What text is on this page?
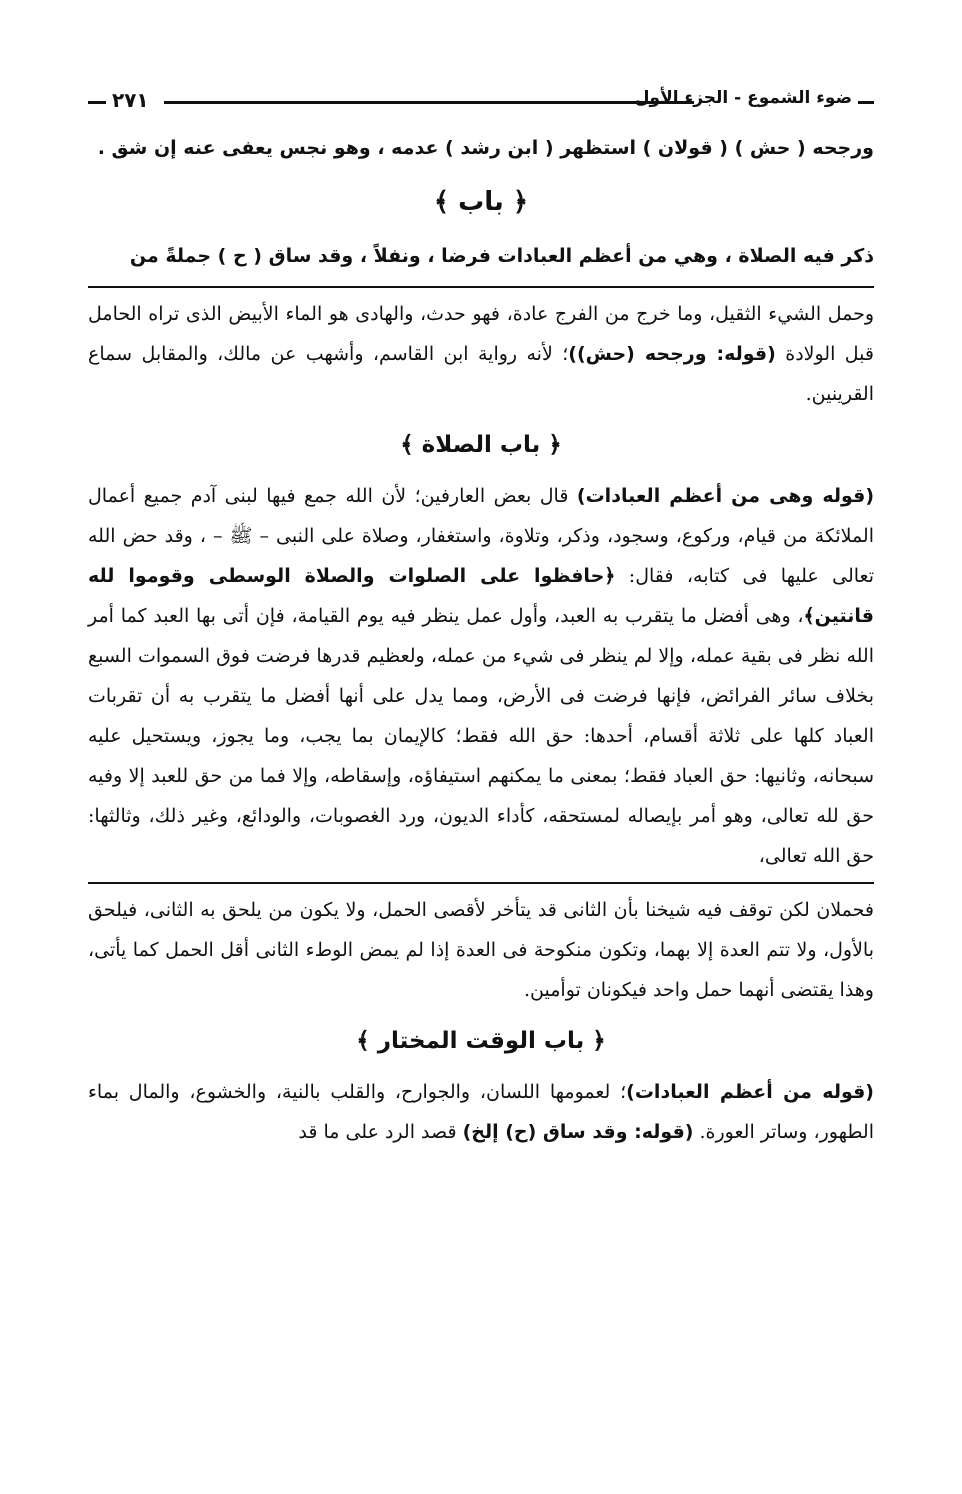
٢٧١	ضوء الشموع - الجزء الأول

ورجحه ( حش ) ( قولان ) استظهر ( ابن رشد ) عدمه ، وهو نجس يعفى عنه إن شق .

﴿ باب ﴾

ذكر فيه الصلاة ، وهي من أعظم العبادات فرضا ، ونفلاً ، وقد ساق ( ح ) جملةً من

وحمل الشيء الثقيل، وما خرج من الفرج عادة، فهو حدث، والهادى هو الماء الأبيض الذى تراه الحامل قبل الولادة (قوله: ورجحه (حش))؛ لأنه رواية ابن القاسم، وأشهب عن مالك، والمقابل سماع القرينين.

﴿ باب الصلاة ﴾

(قوله وهى من أعظم العبادات) قال بعض العارفين؛ لأن الله جمع فيها لبنى آدم جميع أعمال الملائكة من قيام، وركوع، وسجود، وذكر، وتلاوة، واستغفار، وصلاة على النبى – ﷺ – ، وقد حض الله تعالى عليها فى كتابه، فقال: ﴿حافظوا على الصلوات والصلاة الوسطى وقوموا لله قانتين﴾، وهى أفضل ما يتقرب به العبد، وأول عمل ينظر فيه يوم القيامة، فإن أتى بها العبد كما أمر الله نظر فى بقية عمله، وإلا لم ينظر فى شيء من عمله، ولعظيم قدرها فرضت فوق السموات السبع بخلاف سائر الفرائض، فإنها فرضت فى الأرض، ومما يدل على أنها أفضل ما يتقرب به أن تقربات العباد كلها على ثلاثة أقسام، أحدها: حق الله فقط؛ كالإيمان بما يجب، وما يجوز، ويستحيل عليه سبحانه، وثانيها: حق العباد فقط؛ بمعنى ما يمكنهم استيفاؤه، وإسقاطه، وإلا فما من حق للعبد إلا وفيه حق لله تعالى، وهو أمر بإيصاله لمستحقه، كأداء الديون، ورد الغصوبات، والودائع، وغير ذلك، وثالثها: حق الله تعالى،

فحملان لكن توقف فيه شيخنا بأن الثانى قد يتأخر لأقصى الحمل، ولا يكون من يلحق به الثانى، فيلحق بالأول، ولا تتم العدة إلا بهما، وتكون منكوحة فى العدة إذا لم يمض الوطء الثانى أقل الحمل كما يأتى، وهذا يقتضى أنهما حمل واحد فيكونان توأمين.

﴿ باب الوقت المختار ﴾

(قوله من أعظم العبادات)؛ لعمومها اللسان، والجوارح، والقلب بالنية، والخشوع، والمال بماء الطهور، وساتر العورة. (قوله: وقد ساق (ح) إلخ) قصد الرد على ما قد
